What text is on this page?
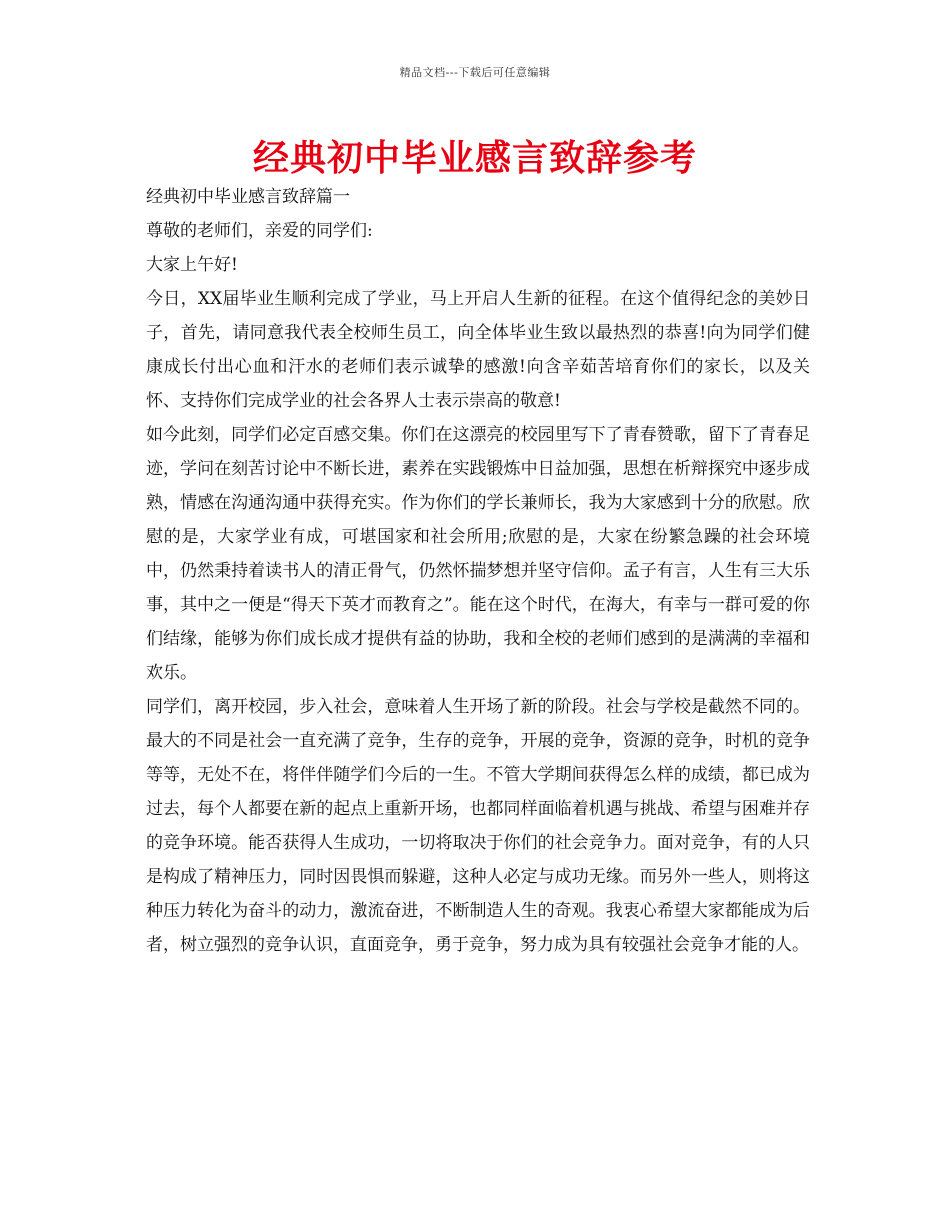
精品文档---下载后可任意编辑
经典初中毕业感言致辞参考

经典初中毕业感言致辞篇一

尊敬的老师们，亲爱的同学们:

大家上午好!

今日，XX届毕业生顺利完成了学业，马上开启人生新的征程。在这个值得纪念的美妙日子，首先，请同意我代表全校师生员工，向全体毕业生致以最热烈的恭喜!向为同学们健康成长付出心血和汗水的老师们表示诚挚的感激!向含辛茹苦培育你们的家长，以及关怀、支持你们完成学业的社会各界人士表示崇高的敬意!

如今此刻，同学们必定百感交集。你们在这漂亮的校园里写下了青春赞歌，留下了青春足迹，学问在刻苦讨论中不断长进，素养在实践锻炼中日益加强，思想在析辩探究中逐步成熟，情感在沟通沟通中获得充实。作为你们的学长兼师长，我为大家感到十分的欣慰。欣慰的是，大家学业有成，可堪国家和社会所用;欣慰的是，大家在纷繁急躁的社会环境中，仍然秉持着读书人的清正骨气，仍然怀揣梦想并坚守信仰。孟子有言，人生有三大乐事，其中之一便是“得天下英才而教育之”。能在这个时代，在海大，有幸与一群可爱的你们结缘，能够为你们成长成才提供有益的协助，我和全校的老师们感到的是满满的幸福和欢乐。

同学们，离开校园，步入社会，意味着人生开场了新的阶段。社会与学校是截然不同的。最大的不同是社会一直充满了竞争，生存的竞争，开展的竞争，资源的竞争，时机的竞争等等，无处不在，将伴伴随学们今后的一生。不管大学期间获得怎么样的成绩，都已成为过去，每个人都要在新的起点上重新开场，也都同样面临着机遇与挑战、希望与困难并存的竞争环境。能否获得人生成功，一切将取决于你们的社会竞争力。面对竞争，有的人只是构成了精神压力，同时因畏惧而躲避，这种人必定与成功无缘。而另外一些人，则将这种压力转化为奋斗的动力，激流奋进，不断制造人生的奇观。我衷心希望大家都能成为后者，树立强烈的竞争认识，直面竞争，勇于竞争，努力成为具有较强社会竞争才能的人。
